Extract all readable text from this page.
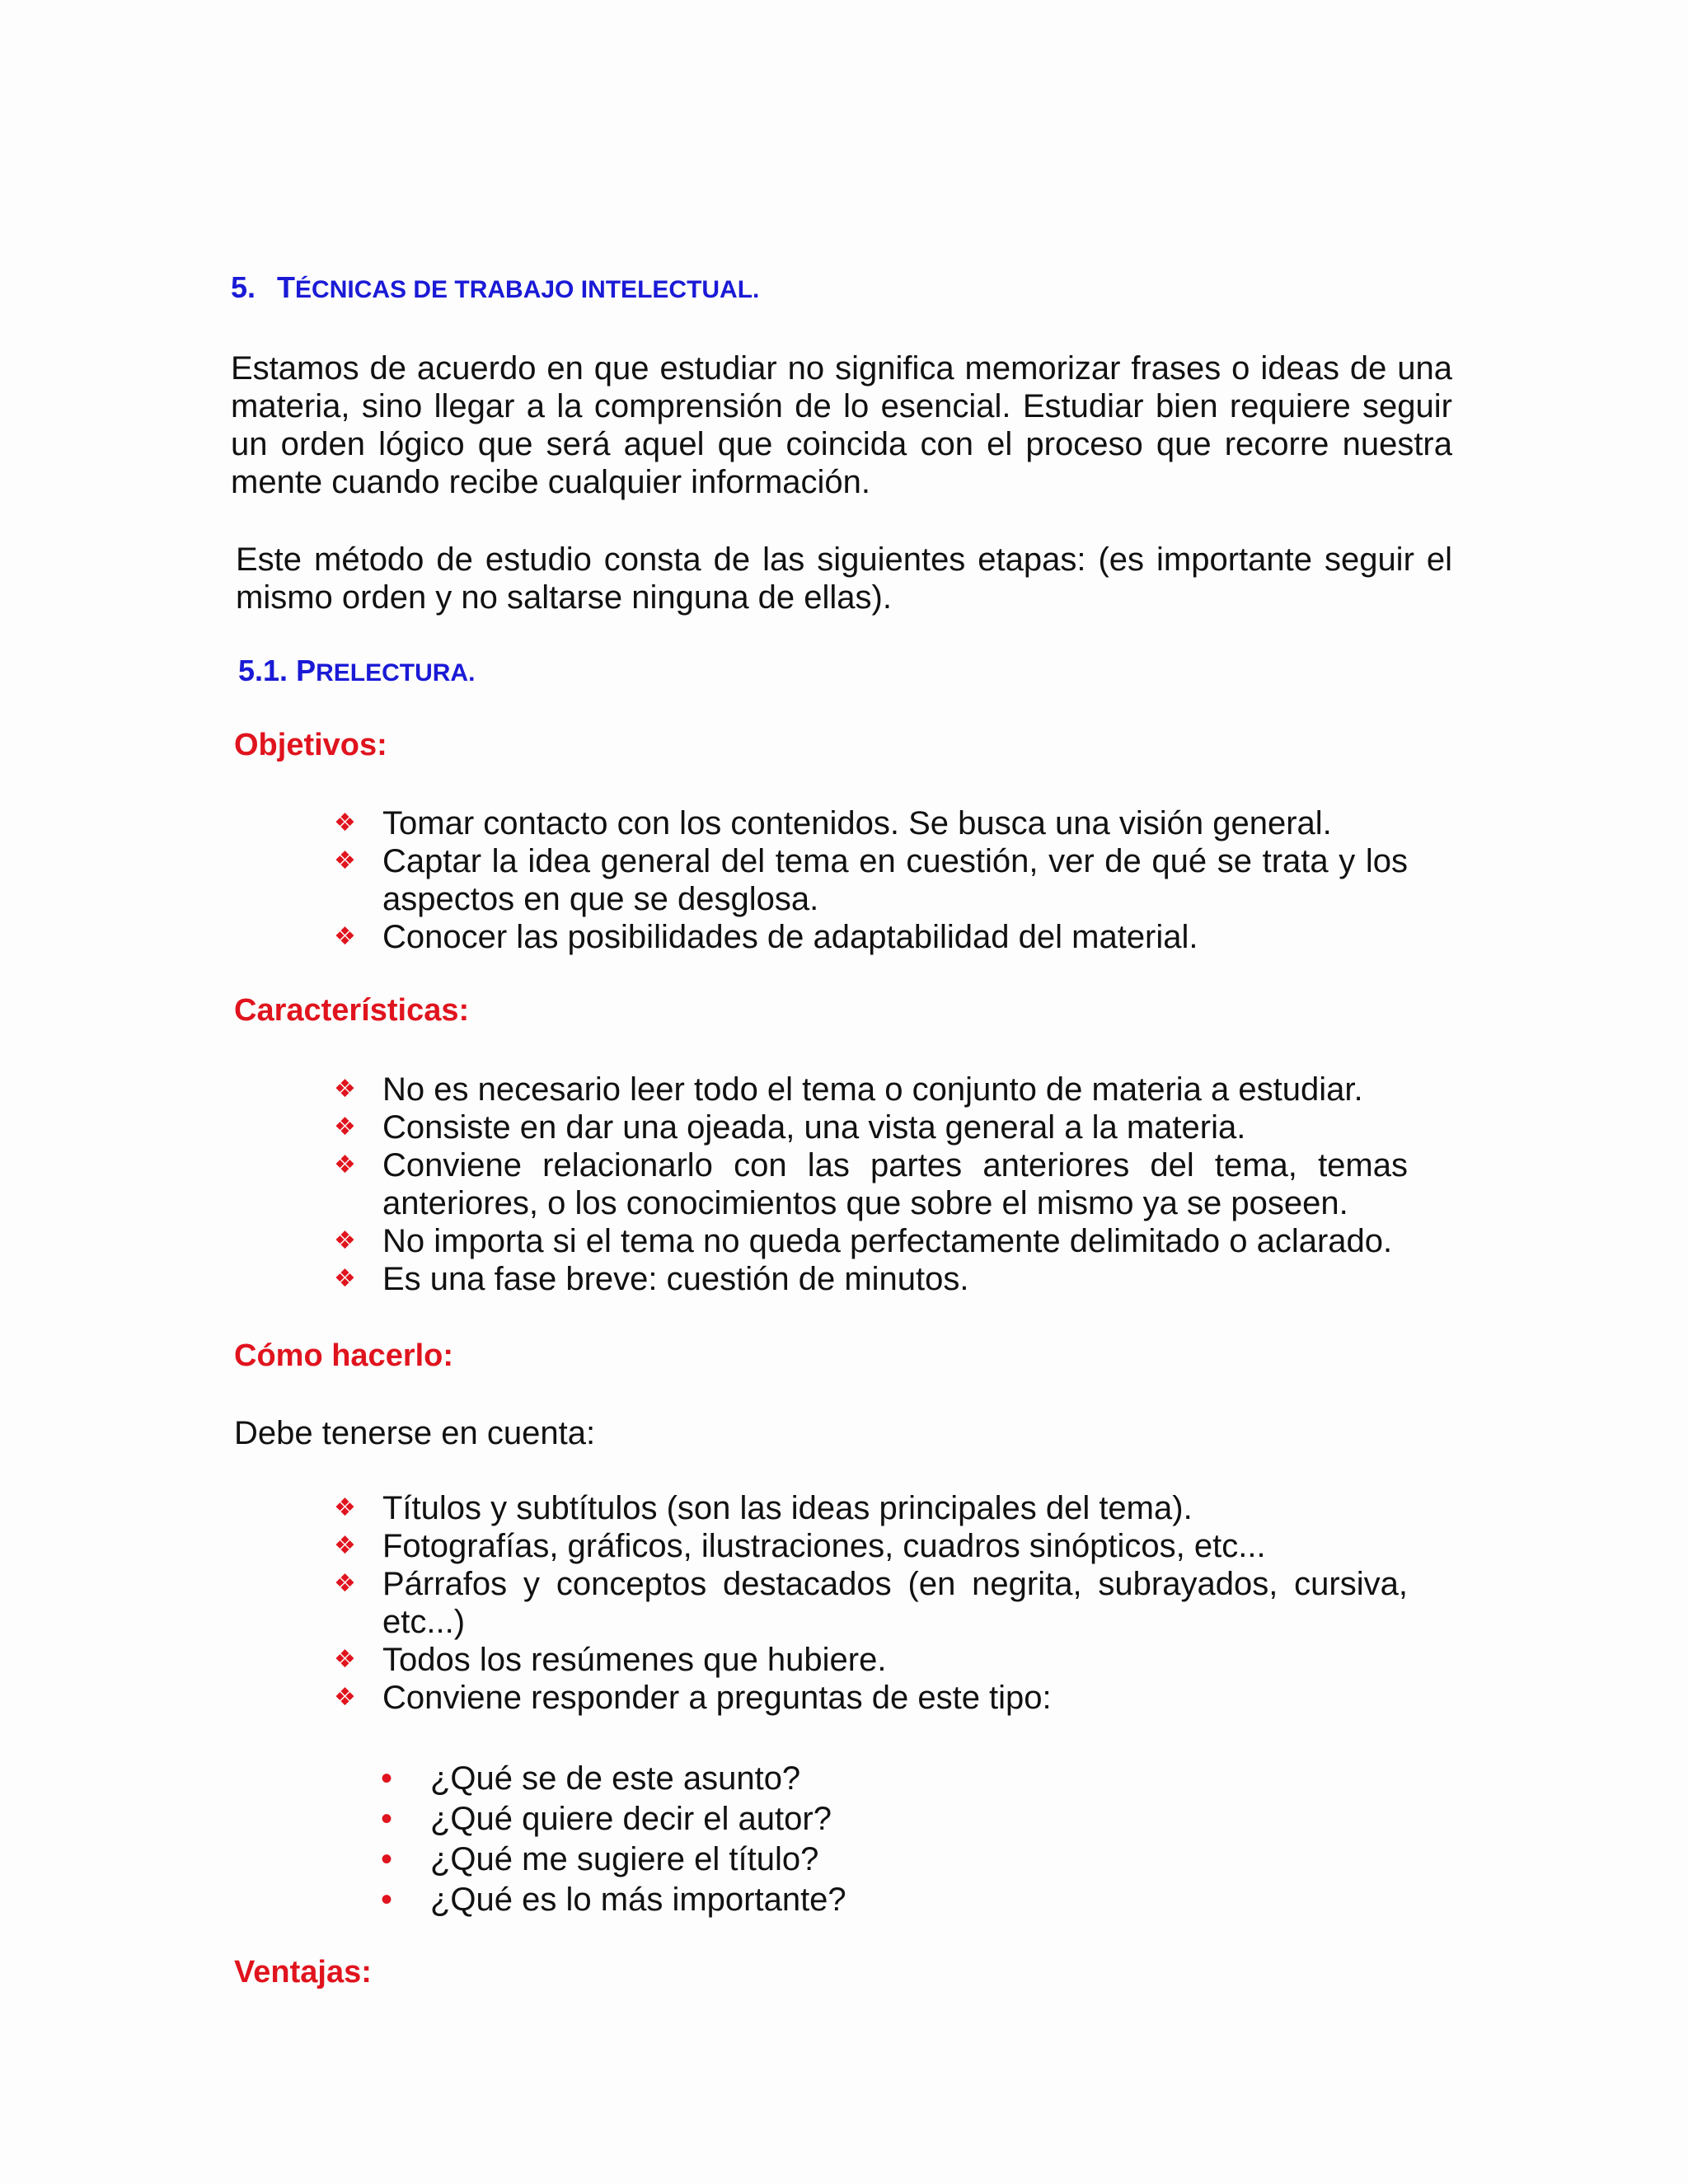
5. TÉCNICAS DE TRABAJO INTELECTUAL.

Estamos de acuerdo en que estudiar no significa memorizar frases o ideas de una materia, sino llegar a la comprensión de lo esencial. Estudiar bien requiere seguir un orden lógico que será aquel que coincida con el proceso que recorre nuestra mente cuando recibe cualquier información.

Este método de estudio consta de las siguientes etapas: (es importante seguir el mismo orden y no saltarse ninguna de ellas).

5.1. PRELECTURA.
Objetivos:
❖ Tomar contacto con los contenidos. Se busca una visión general.
❖ Captar la idea general del tema en cuestión, ver de qué se trata y los aspectos en que se desglosa.
❖ Conocer las posibilidades de adaptabilidad del material.
Características:
❖ No es necesario leer todo el tema o conjunto de materia a estudiar.
❖ Consiste en dar una ojeada, una vista general a la materia.
❖ Conviene relacionarlo con las partes anteriores del tema, temas anteriores, o los conocimientos que sobre el mismo ya se poseen.
❖ No importa si el tema no queda perfectamente delimitado o aclarado.
❖ Es una fase breve: cuestión de minutos.
Cómo hacerlo:

Debe tenerse en cuenta:

❖ Títulos y subtítulos (son las ideas principales del tema).
❖ Fotografías, gráficos, ilustraciones, cuadros sinópticos, etc...
❖ Párrafos y conceptos destacados (en negrita, subrayados, cursiva, etc...)
❖ Todos los resúmenes que hubiere.
❖ Conviene responder a preguntas de este tipo:
• ¿Qué se de este asunto?
• ¿Qué quiere decir el autor?
• ¿Qué me sugiere el título?
• ¿Qué es lo más importante?
Ventajas:
